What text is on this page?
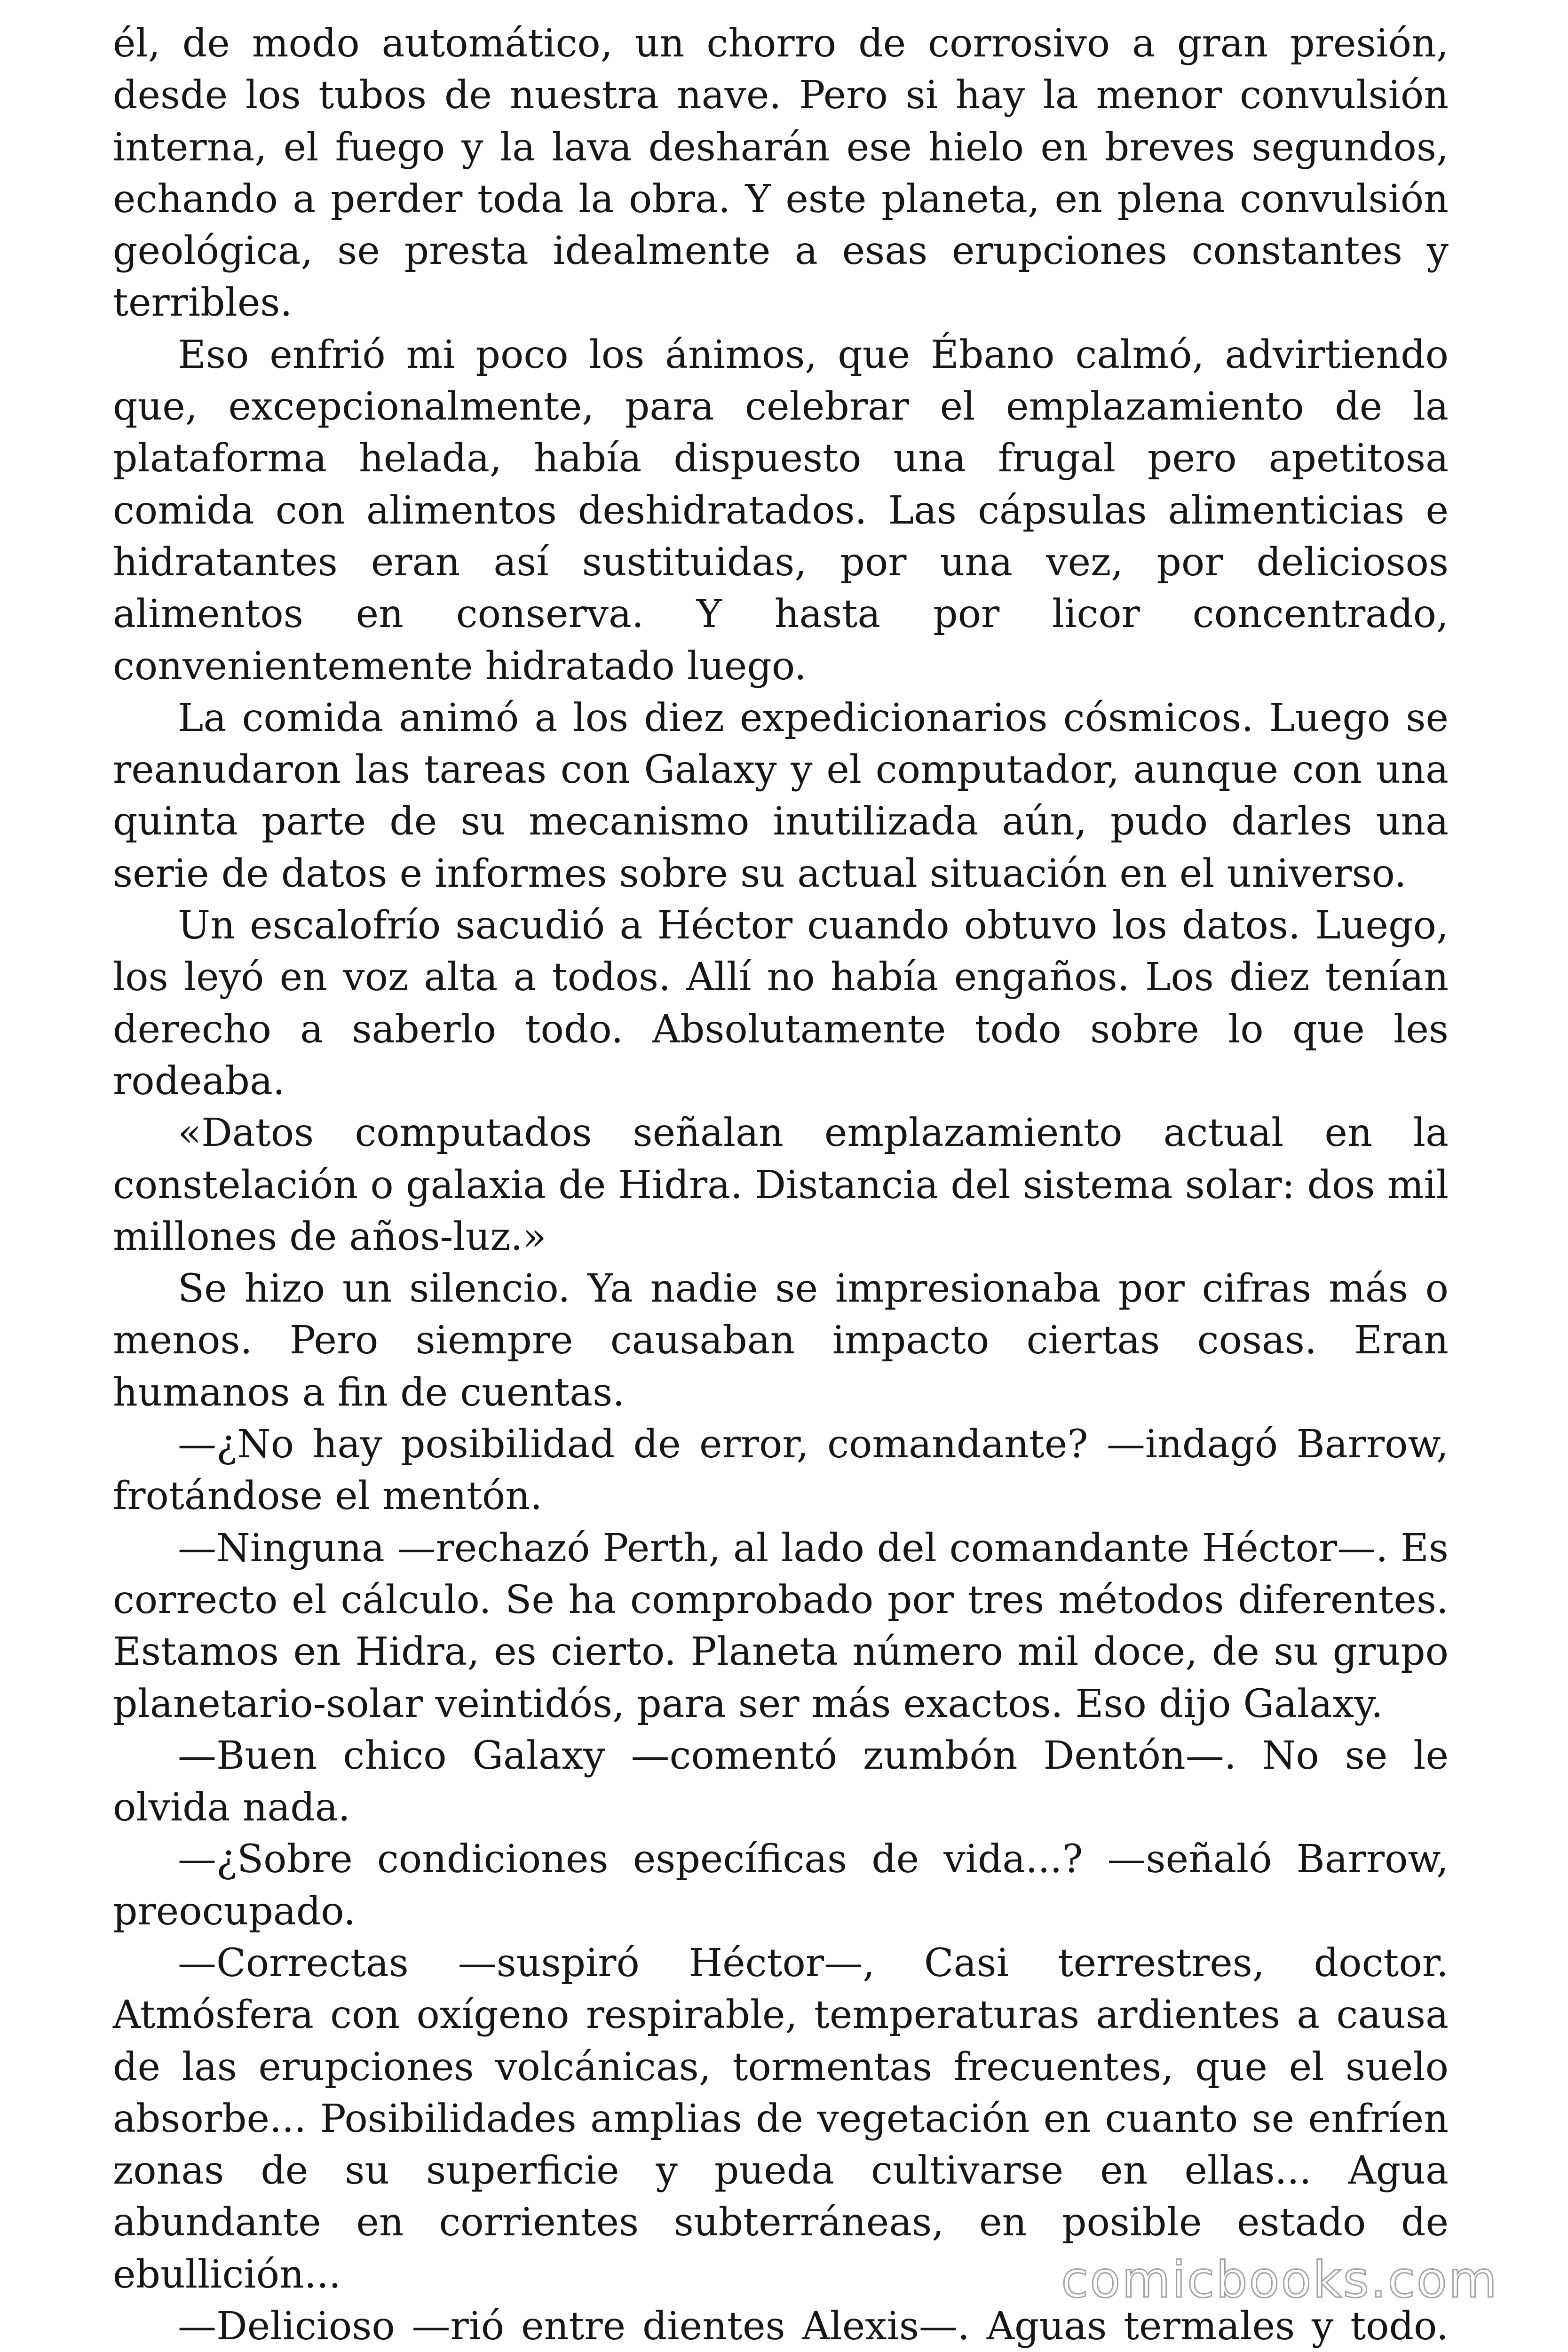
él, de modo automático, un chorro de corrosivo a gran presión, desde los tubos de nuestra nave. Pero si hay la menor convulsión interna, el fuego y la lava desharán ese hielo en breves segundos, echando a perder toda la obra. Y este planeta, en plena convulsión geológica, se presta idealmente a esas erupciones constantes y terribles.

Eso enfrió mi poco los ánimos, que Ébano calmó, advirtiendo que, excepcionalmente, para celebrar el emplazamiento de la plataforma helada, había dispuesto una frugal pero apetitosa comida con alimentos deshidratados. Las cápsulas alimenticias e hidratantes eran así sustituidas, por una vez, por deliciosos alimentos en conserva. Y hasta por licor concentrado, convenientemente hidratado luego.

La comida animó a los diez expedicionarios cósmicos. Luego se reanudaron las tareas con Galaxy y el computador, aunque con una quinta parte de su mecanismo inutilizada aún, pudo darles una serie de datos e informes sobre su actual situación en el universo.

Un escalofrío sacudió a Héctor cuando obtuvo los datos. Luego, los leyó en voz alta a todos. Allí no había engaños. Los diez tenían derecho a saberlo todo. Absolutamente todo sobre lo que les rodeaba.

«Datos computados señalan emplazamiento actual en la constelación o galaxia de Hidra. Distancia del sistema solar: dos mil millones de años-luz.»

Se hizo un silencio. Ya nadie se impresionaba por cifras más o menos. Pero siempre causaban impacto ciertas cosas. Eran humanos a fin de cuentas.

—¿No hay posibilidad de error, comandante? —indagó Barrow, frotándose el mentón.

—Ninguna —rechazó Perth, al lado del comandante Héctor—. Es correcto el cálculo. Se ha comprobado por tres métodos diferentes. Estamos en Hidra, es cierto. Planeta número mil doce, de su grupo planetario-solar veintidós, para ser más exactos. Eso dijo Galaxy.

—Buen chico Galaxy —comentó zumbón Dentón—. No se le olvida nada.

—¿Sobre condiciones específicas de vida...? —señaló Barrow, preocupado.

—Correctas —suspiró Héctor—, Casi terrestres, doctor. Atmósfera con oxígeno respirable, temperaturas ardientes a causa de las erupciones volcánicas, tormentas frecuentes, que el suelo absorbe... Posibilidades amplias de vegetación en cuanto se enfríen zonas de su superficie y pueda cultivarse en ellas... Agua abundante en corrientes subterráneas, en posible estado de ebullición...

—Delicioso —rió entre dientes Alexis—. Aguas termales y todo.

comicbooks.com
